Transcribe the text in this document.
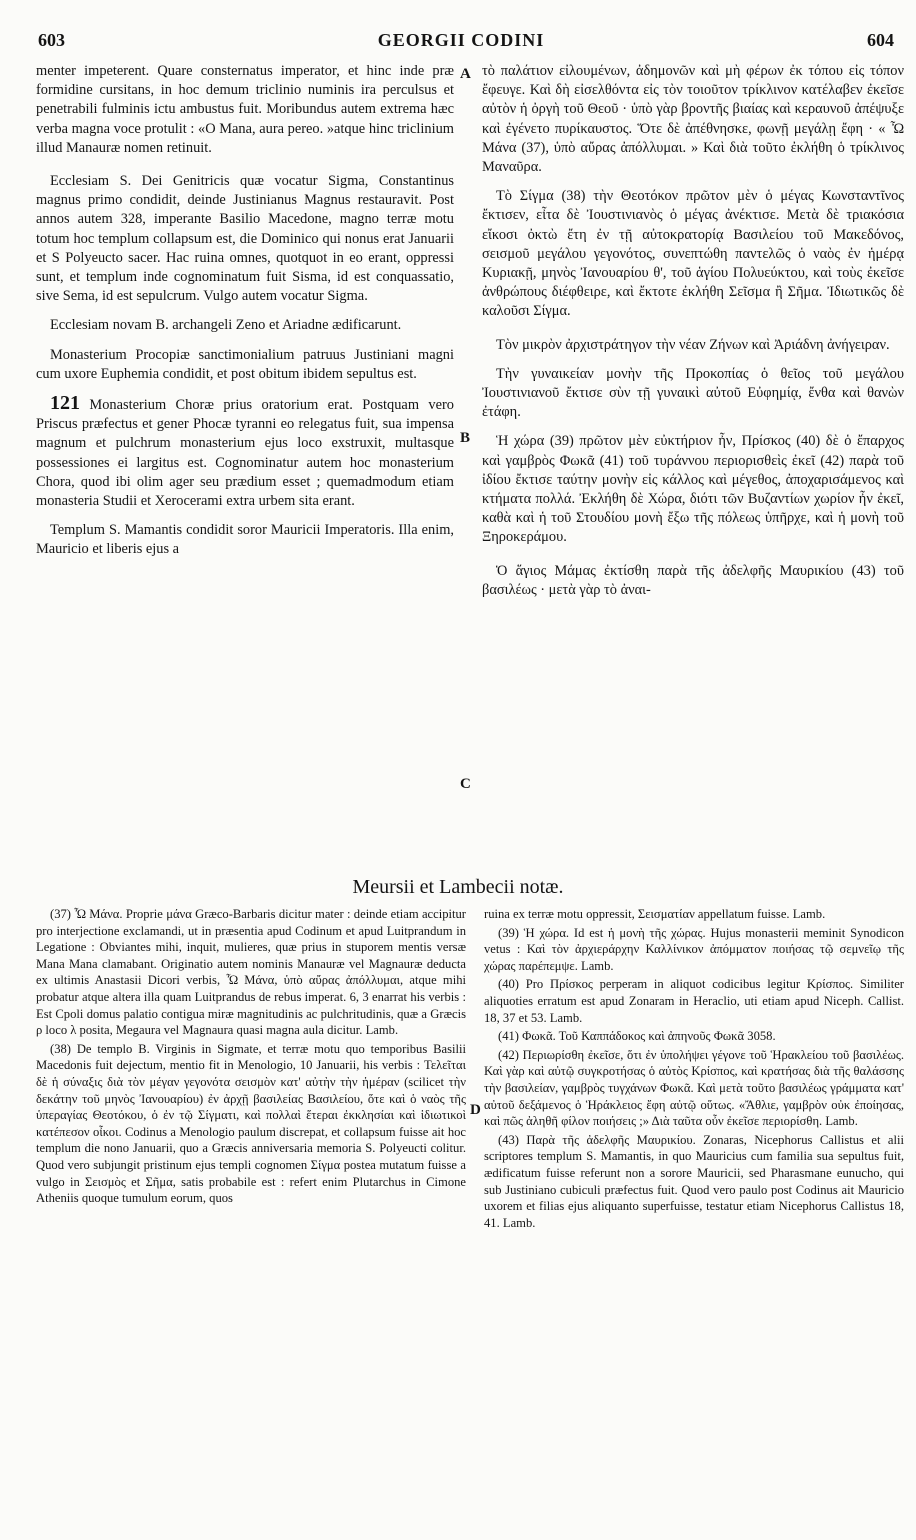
603	GEORGII CODINI	604

menter impeterent. Quare consternatus imperator, et hinc inde præ formidine cursitans, in hoc demum triclinio numinis ira perculsus et penetrabili fulminis ictu ambustus fuit. Moribundus autem extrema hæc verba magna voce protulit : «O Mana, aura pereo. »atque hinc triclinium illud Manauræ nomen retinuit.

Ecclesiam S. Dei Genitricis quæ vocatur Sigma, Constantinus magnus primo condidit, deinde Justinianus Magnus restauravit. Post annos autem 328, imperante Basilio Macedone, magno terræ motu totum hoc templum collapsum est, die Dominico qui nonus erat Januarii et S Polyeucto sacer. Hac ruina omnes, quotquot in eo erant, oppressi sunt, et templum inde cognominatum fuit Sisma, id est conquassatio, sive Sema, id est sepulcrum. Vulgo autem vocatur Sigma.

Ecclesiam novam B. archangeli Zeno et Ariadne ædificarunt.

Monasterium Procopiæ sanctimonialium patruus Justiniani magni cum uxore Euphemia condidit, et post obitum ibidem sepultus est.

121 Monasterium Choræ prius oratorium erat. Postquam vero Priscus præfectus et gener Phocæ tyranni eo relegatus fuit, sua impensa magnum et pulchrum monasterium ejus loco exstruxit, multasque possessiones ei largitus est. Cognominatur autem hoc monasterium Chora, quod ibi olim ager seu prædium esset ; quemadmodum etiam monasteria Studii et Xerocerami extra urbem sita erant.

Templum S. Mamantis condidit soror Mauricii Imperatoris. Illa enim, Mauricio et liberis ejus a

τὸ παλάτιον εἰλουμένων, ἀδημονῶν καὶ μὴ φέρων ἐκ τόπου εἰς τόπον ἔφευγε. Καὶ δὴ εἰσελθόντα εἰς τὸν τοιοῦτον τρίκλινον κατέλαβεν ἐκεῖσε αὐτὸν ἡ ὀργὴ τοῦ Θεοῦ · ὑπὸ γὰρ βροντῆς βιαίας καὶ κεραυνοῦ ἀπέψυξε καὶ ἐγένετο πυρίκαυστος. Ὅτε δὲ ἀπέθνησκε, φωνῇ μεγάλῃ ἔφη · « Ὦ Μάνα (37), ὑπὸ αὔρας ἀπόλλυμαι. » Καὶ διὰ τοῦτο ἐκλήθη ὁ τρίκλινος Μαναῦρα.

Τὸ Σίγμα (38) τὴν Θεοτόκον πρῶτον μὲν ὁ μέγας Κωνσταντῖνος ἔκτισεν, εἶτα δὲ Ἰουστινιανὸς ὁ μέγας ἀνέκτισε. Μετὰ δὲ τριακόσια εἴκοσι ὀκτὼ ἔτη ἐν τῇ αὐτοκρατορίᾳ Βασιλείου τοῦ Μακεδόνος, σεισμοῦ μεγάλου γεγονότος, συνεπτώθη παντελῶς ὁ ναὸς ἐν ἡμέρᾳ Κυριακῇ, μηνὸς Ἰανουαρίου θ', τοῦ ἁγίου Πολυεύκτου, καὶ τοὺς ἐκεῖσε ἀνθρώπους διέφθειρε, καὶ ἔκτοτε ἐκλήθη Σεῖσμα ἢ Σῆμα. Ἰδιωτικῶς δὲ καλοῦσι Σίγμα.

Τὸν μικρὸν ἀρχιστράτηγον τὴν νέαν Ζήνων καὶ Ἀριάδνη ἀνήγειραν.

Τὴν γυναικείαν μονὴν τῆς Προκοπίας ὁ θεῖος τοῦ μεγάλου Ἰουστινιανοῦ ἔκτισε σὺν τῇ γυναικὶ αὐτοῦ Εὐφημίᾳ, ἔνθα καὶ θανὼν ἐτάφη.

Ἡ χώρα (39) πρῶτον μὲν εὐκτήριον ἦν, Πρίσκος (40) δὲ ὁ ἔπαρχος καὶ γαμβρὸς Φωκᾶ (41) τοῦ τυράννου περιορισθεὶς ἐκεῖ (42) παρὰ τοῦ ἰδίου ἔκτισε ταύτην μονὴν εἰς κάλλος καὶ μέγεθος, ἀποχαρισάμενος καὶ κτήματα πολλά. Ἐκλήθη δὲ Χώρα, διότι τῶν Βυζαντίων χωρίον ἦν ἐκεῖ, καθὰ καὶ ἡ τοῦ Στουδίου μονὴ ἔξω τῆς πόλεως ὑπῆρχε, καὶ ἡ μονὴ τοῦ Ξηροκεράμου.

Ὁ ἅγιος Μάμας ἐκτίσθη παρὰ τῆς ἀδελφῆς Μαυρικίου (43) τοῦ βασιλέως · μετὰ γὰρ τὸ ἀναι-

A
B
C
Meursii et Lambecii notæ.

(37) Ὦ Μάνα. Proprie μάνα Græco-Barbaris dicitur mater : deinde etiam accipitur pro interjectione exclamandi, ut in præsentia apud Codinum et apud Luitprandum in Legatione : Obviantes mihi, inquit, mulieres, quæ prius in stuporem mentis versæ Mana Mana clamabant. Originatio autem nominis Manauræ vel Magnauræ deducta ex ultimis Anastasii Dicori verbis, Ὦ Μάνα, ὑπὸ αὔρας ἀπόλλυμαι, atque mihi probatur atque altera illa quam Luitprandus de rebus imperat. 6, 3 enarrat his verbis : Est Cpoli domus palatio contigua miræ magnitudinis ac pulchritudinis, quæ a Græcis ρ loco λ posita, Megaura vel Magnaura quasi magna aula dicitur. Lamb.

(38) De templo B. Virginis in Sigmate, et terræ motu quo temporibus Basilii Macedonis fuit dejectum, mentio fit in Menologio, 10 Januarii, his verbis : Τελεῖται δὲ ἡ σύναξις διὰ τὸν μέγαν γεγονότα σεισμὸν κατ' αὐτὴν τὴν ἡμέραν (scilicet τὴν δεκάτην τοῦ μηνὸς Ἰανουαρίου) ἐν ἀρχῇ βασιλείας Βασιλείου, ὅτε καὶ ὁ ναὸς τῆς ὑπεραγίας Θεοτόκου, ὁ ἐν τῷ Σίγματι, καὶ πολλαὶ ἕτεραι ἐκκλησίαι καὶ ἱδιωτικοὶ κατέπεσον οἶκοι. Codinus a Menologio paulum discrepat, et collapsum fuisse ait hoc templum die nono Januarii, quo a Græcis anniversaria memoria S. Polyeucti colitur. Quod vero subjungit pristinum ejus templi cognomen Σίγμα postea mutatum fuisse a vulgo in Σεισμὸς et Σῆμα, satis probabile est : refert enim Plutarchus in Cimone Atheniis quoque tumulum eorum, quos

ruina ex terræ motu oppressit, Σεισματίαν appellatum fuisse. Lamb.

(39) Ἡ χώρα. Id est ἡ μονὴ τῆς χώρας. Hujus monasterii meminit Synodicon vetus : Καὶ τὸν ἀρχιεράρχην Καλλίνικον ἀπόμματον ποιήσας τῷ σεμνεῖῳ τῆς χώρας παρέπεμψε. Lamb.

(40) Pro Πρίσκος perperam in aliquot codicibus legitur Κρίσπος. Similiter aliquoties erratum est apud Zonaram in Heraclio, uti etiam apud Niceph. Callist. 18, 37 et 53. Lamb.

(41) Φωκᾶ. Τοῦ Καππάδοκος καὶ ἀπηνοῦς Φωκᾶ 3058.

(42) Περιωρίσθη ἐκεῖσε, ὅτι ἐν ὑπολήψει γέγονε τοῦ Ἡρακλείου τοῦ βασιλέως. Καὶ γὰρ καὶ αὐτῷ συγκροτήσας ὁ αὐτὸς Κρίσπος, καὶ κρατήσας διὰ τῆς θαλάσσης τὴν βασιλείαν, γαμβρὸς τυγχάνων Φωκᾶ. Καὶ μετὰ τοῦτο βασιλέως γράμματα κατ' αὐτοῦ δεξάμενος ὁ Ἡράκλειος ἔφη αὐτῷ οὕτως. «Ἄθλιε, γαμβρὸν οὐκ ἐποίησας, καὶ πῶς ἀληθῆ φίλον ποιήσεις ;» Διὰ ταῦτα οὖν ἐκεῖσε περιορίσθη. Lamb.

(43) Παρὰ τῆς ἀδελφῆς Μαυρικίου. Zonaras, Nicephorus Callistus et alii scriptores templum S. Mamantis, in quo Mauricius cum familia sua sepultus fuit, ædificatum fuisse referunt non a sorore Mauricii, sed Pharasmane eunucho, qui sub Justiniano cubiculi præfectus fuit. Quod vero paulo post Codinus ait Mauricio uxorem et filias ejus aliquanto superfuisse, testatur etiam Nicephorus Callistus 18, 41. Lamb.

D
